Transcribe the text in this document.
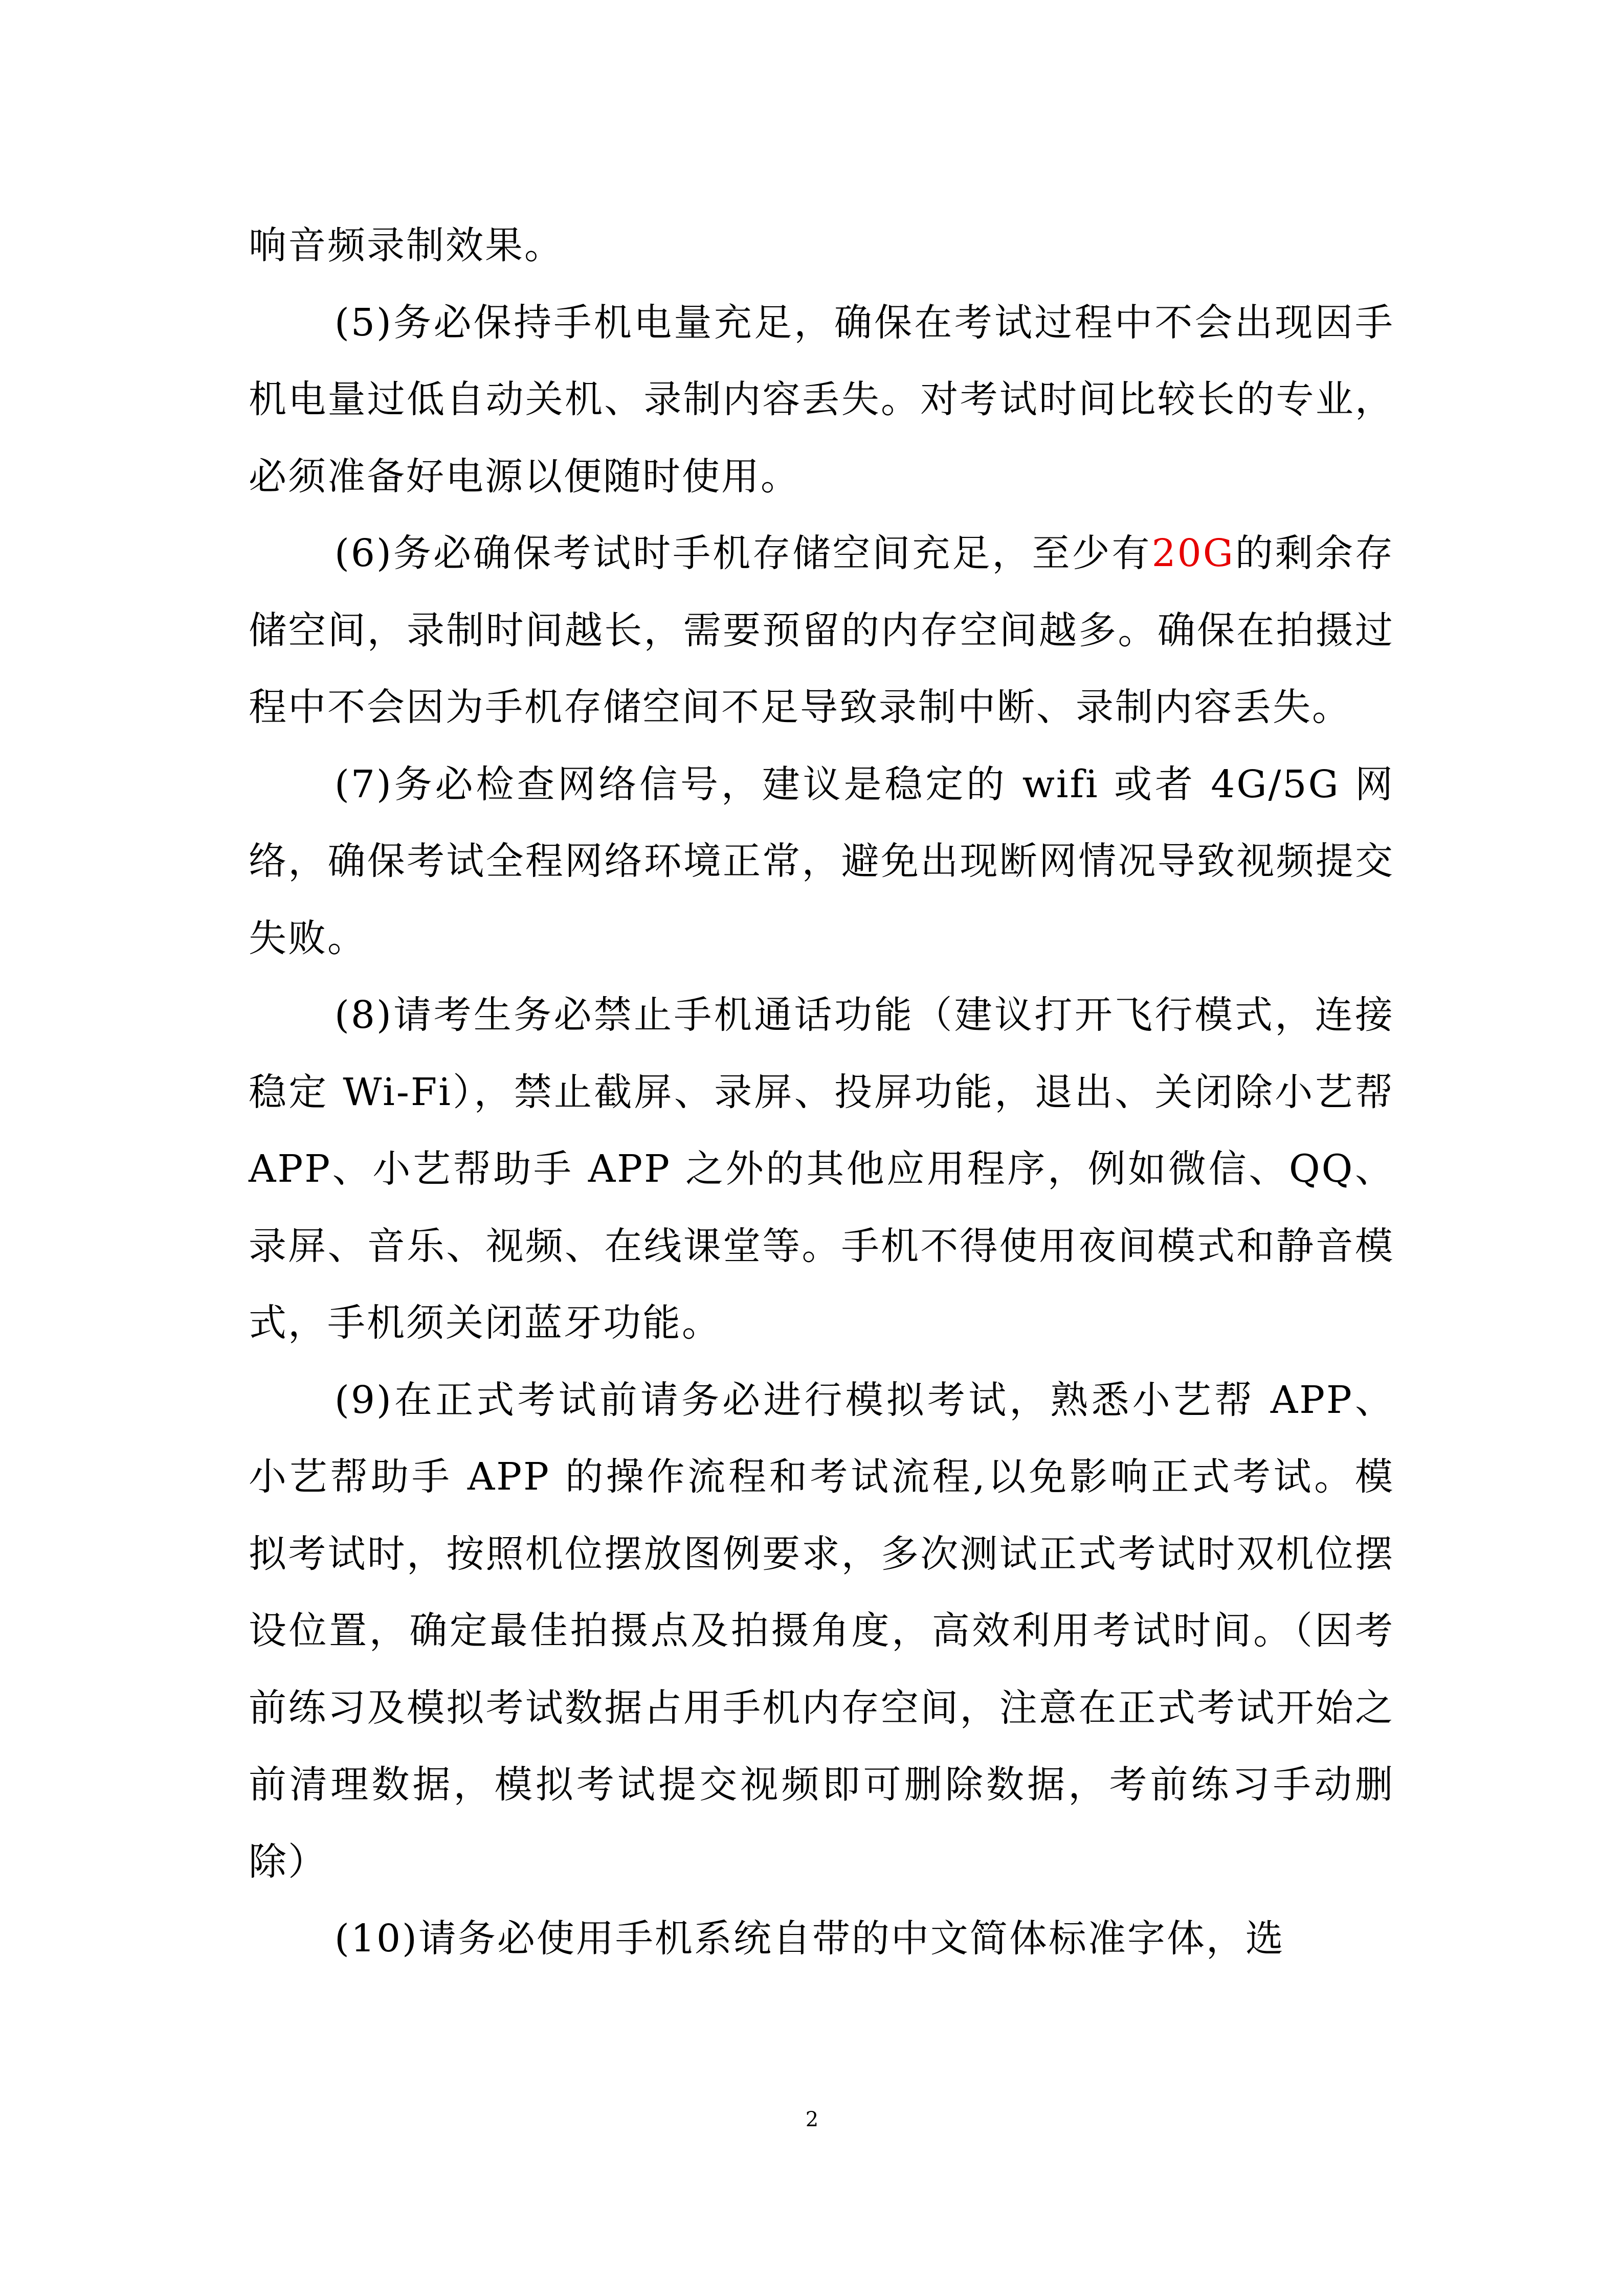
响音频录制效果。

(5)务必保持手机电量充足，确保在考试过程中不会出现因手机电量过低自动关机、录制内容丢失。对考试时间比较长的专业，必须准备好电源以便随时使用。

(6)务必确保考试时手机存储空间充足，至少有20G的剩余存储空间，录制时间越长，需要预留的内存空间越多。确保在拍摄过程中不会因为手机存储空间不足导致录制中断、录制内容丢失。

(7)务必检查网络信号，建议是稳定的 wifi 或者 4G/5G 网络，确保考试全程网络环境正常，避免出现断网情况导致视频提交失败。

(8)请考生务必禁止手机通话功能（建议打开飞行模式，连接稳定 Wi-Fi），禁止截屏、录屏、投屏功能，退出、关闭除小艺帮 APP、小艺帮助手 APP 之外的其他应用程序，例如微信、QQ、录屏、音乐、视频、在线课堂等。手机不得使用夜间模式和静音模式，手机须关闭蓝牙功能。

(9)在正式考试前请务必进行模拟考试，熟悉小艺帮 APP、小艺帮助手 APP 的操作流程和考试流程,以免影响正式考试。模拟考试时，按照机位摆放图例要求，多次测试正式考试时双机位摆设位置，确定最佳拍摄点及拍摄角度，高效利用考试时间。（因考前练习及模拟考试数据占用手机内存空间，注意在正式考试开始之前清理数据，模拟考试提交视频即可删除数据，考前练习手动删除）

(10)请务必使用手机系统自带的中文简体标准字体，选

2
